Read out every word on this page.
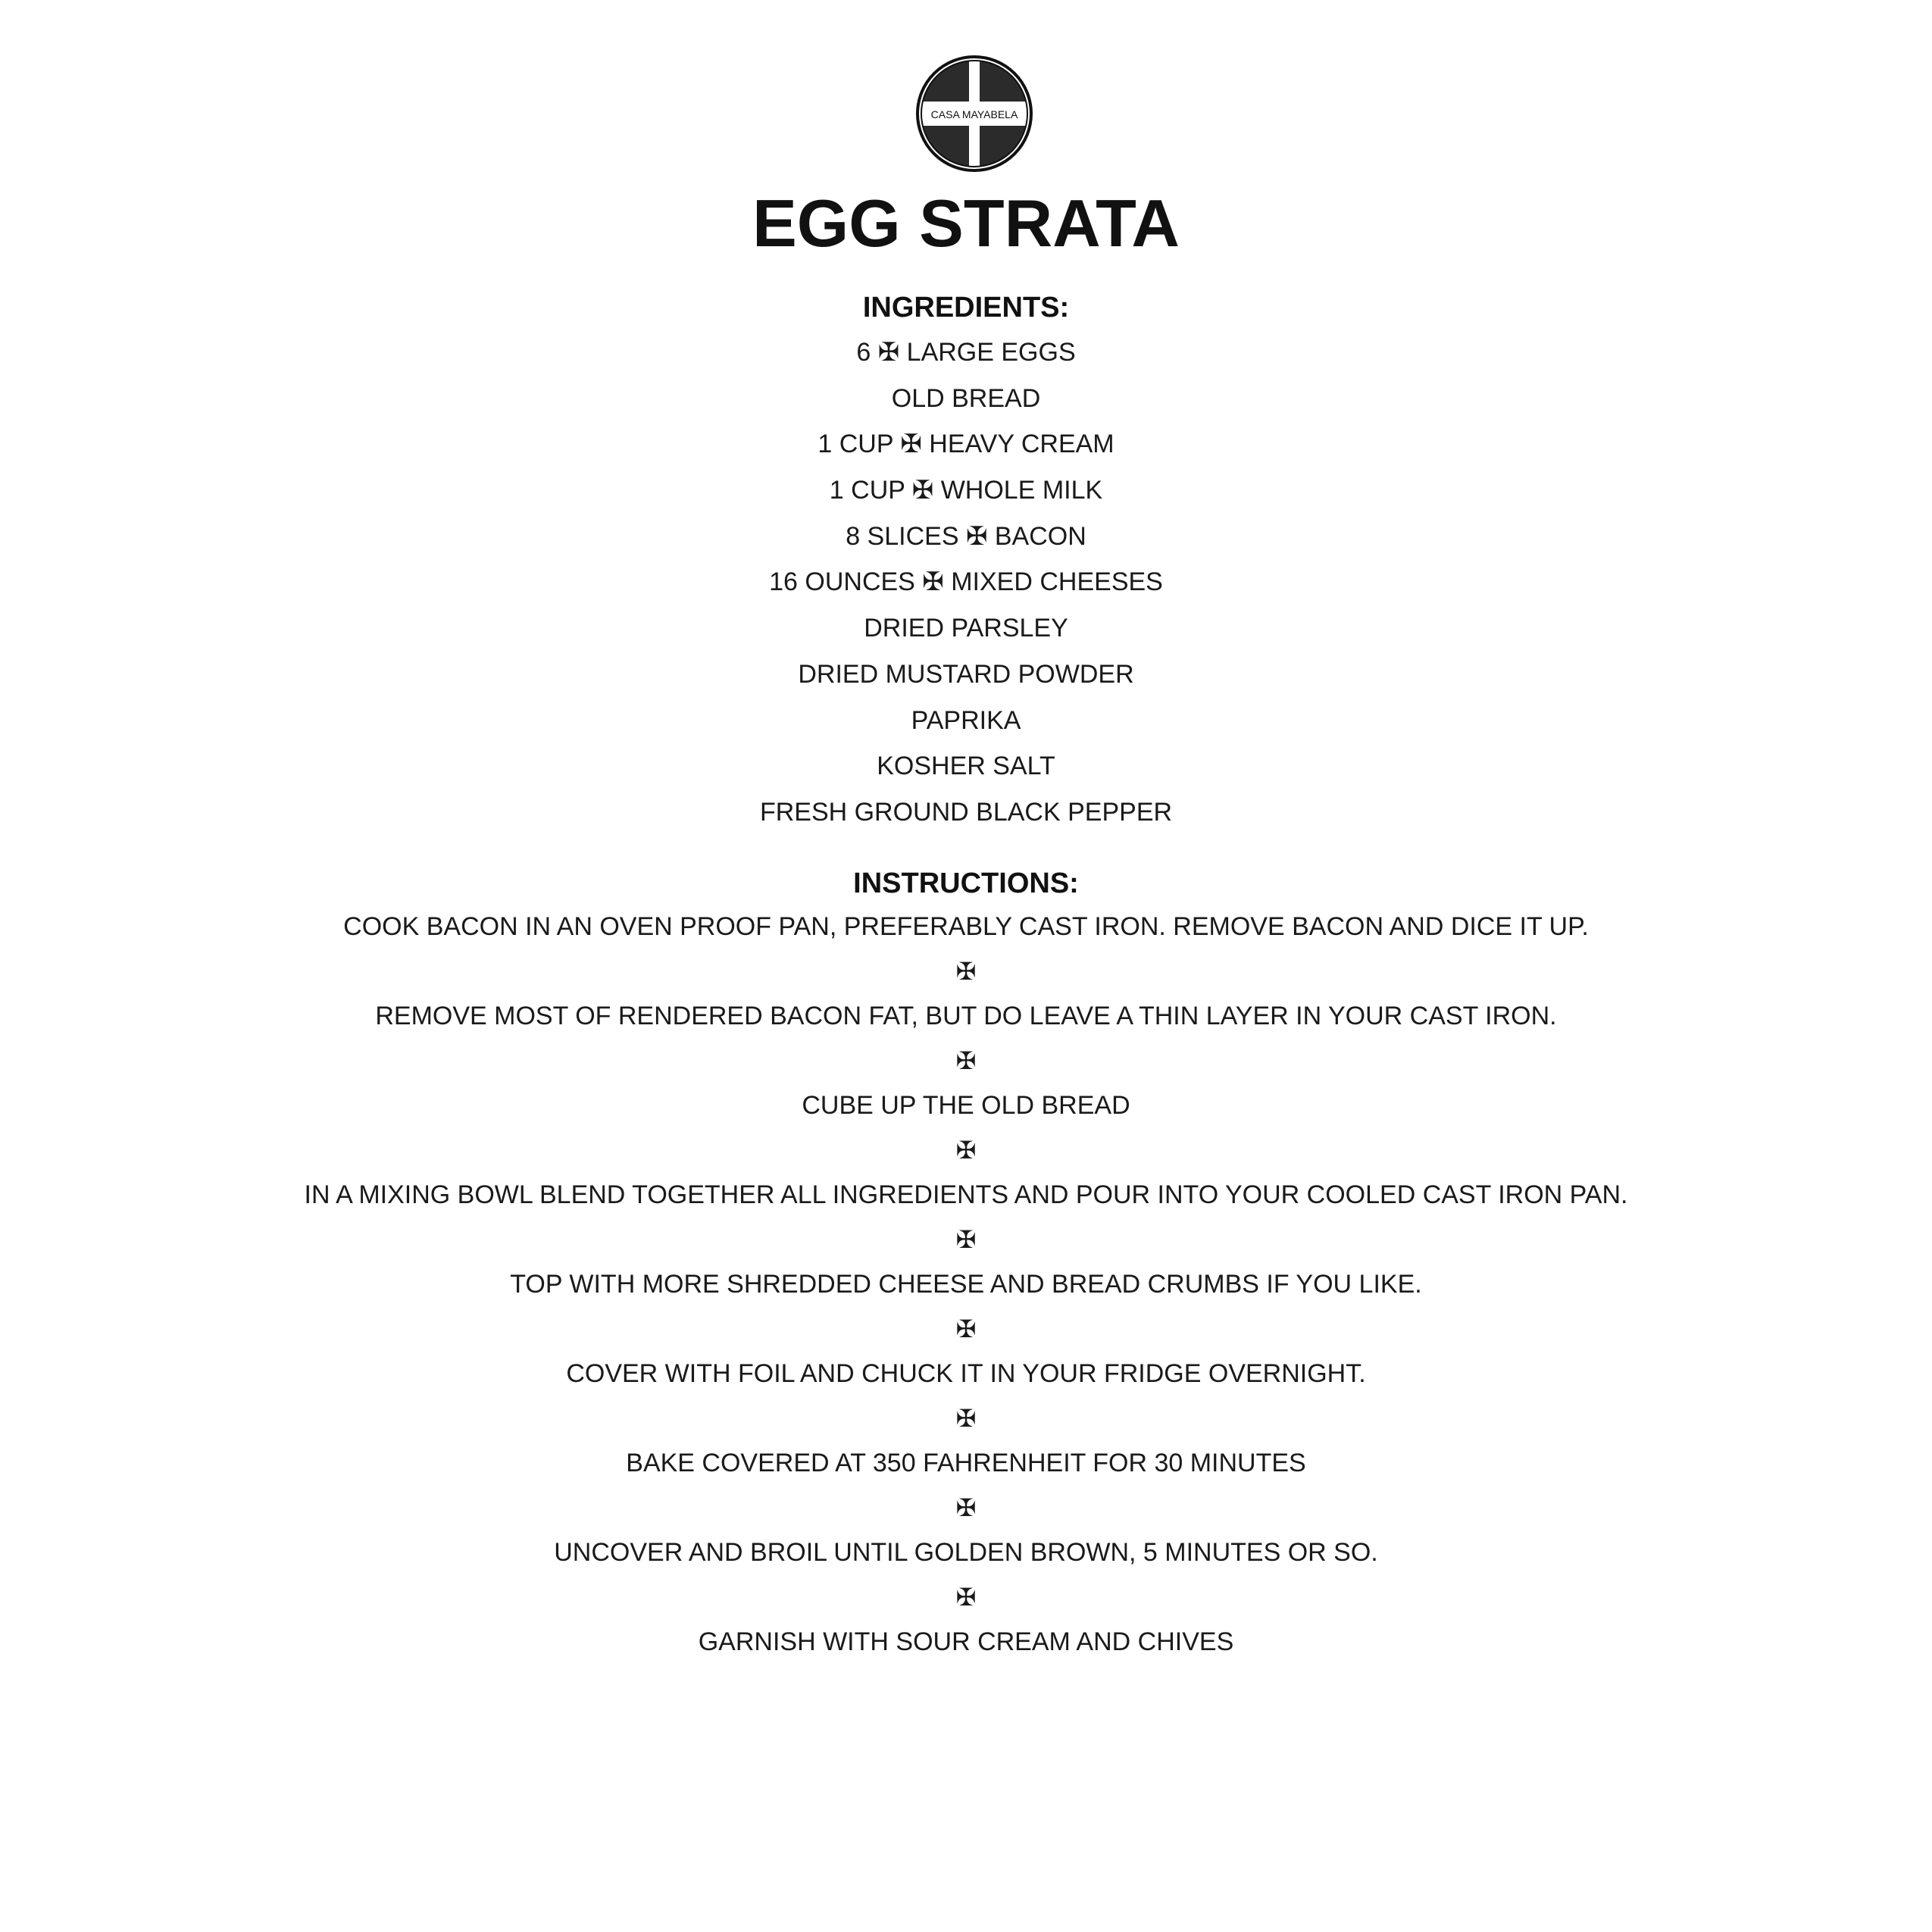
CASA MAYABELA
EGG STRATA
INGREDIENTS:
6 ✠ LARGE EGGS
OLD BREAD
1 CUP ✠ HEAVY CREAM
1 CUP ✠ WHOLE MILK
8 SLICES ✠ BACON
16 OUNCES ✠ MIXED CHEESES
DRIED PARSLEY
DRIED MUSTARD POWDER
PAPRIKA
KOSHER SALT
FRESH GROUND BLACK PEPPER
INSTRUCTIONS:
COOK BACON IN AN OVEN PROOF PAN, PREFERABLY CAST IRON. REMOVE BACON AND DICE IT UP.
✠
REMOVE MOST OF RENDERED BACON FAT, BUT DO LEAVE A THIN LAYER IN YOUR CAST IRON.
✠
CUBE UP THE OLD BREAD
✠
IN A MIXING BOWL BLEND TOGETHER ALL INGREDIENTS AND POUR INTO YOUR COOLED CAST IRON PAN.
✠
TOP WITH MORE SHREDDED CHEESE AND BREAD CRUMBS IF YOU LIKE.
✠
COVER WITH FOIL AND CHUCK IT IN YOUR FRIDGE OVERNIGHT.
✠
BAKE COVERED AT 350 FAHRENHEIT FOR 30 MINUTES
✠
UNCOVER AND BROIL UNTIL GOLDEN BROWN, 5 MINUTES OR SO.
✠
GARNISH WITH SOUR CREAM AND CHIVES
